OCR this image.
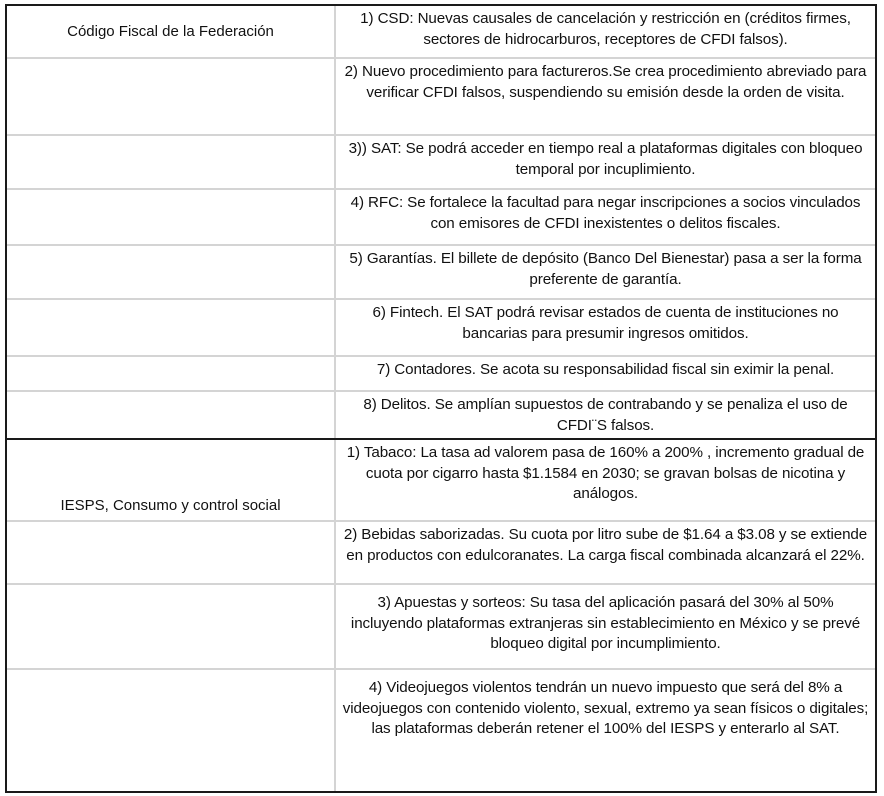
Código Fiscal de la Federación
1) CSD: Nuevas causales de cancelación y restricción en (créditos firmes, sectores de hidrocarburos, receptores de CFDI falsos).
2) Nuevo procedimiento para factureros.Se crea procedimiento abreviado para verificar CFDI falsos, suspendiendo su emisión desde la orden de visita.
3)) SAT: Se podrá acceder en tiempo real a plataformas digitales con bloqueo temporal por incuplimiento.
4) RFC: Se fortalece la facultad para negar inscripciones a socios vinculados con emisores de CFDI inexistentes o delitos fiscales.
5) Garantías. El billete de depósito (Banco Del Bienestar) pasa a ser la forma preferente de garantía.
6) Fintech. El SAT podrá revisar estados de cuenta de instituciones no bancarias para presumir ingresos omitidos.
7) Contadores. Se acota su responsabilidad fiscal sin eximir la penal.
8) Delitos. Se amplían supuestos de contrabando y se penaliza el uso de CFDI¨S falsos.
IESPS, Consumo y control social
1) Tabaco: La tasa ad valorem pasa de 160% a 200% , incremento gradual de cuota por cigarro hasta $1.1584 en 2030; se gravan bolsas de nicotina y análogos.
2) Bebidas saborizadas. Su cuota por litro sube de $1.64 a $3.08 y se extiende en productos con edulcoranates. La carga fiscal combinada alcanzará el 22%.
3) Apuestas y sorteos: Su tasa del aplicación pasará del 30% al 50% incluyendo plataformas extranjeras sin establecimiento en México y se prevé bloqueo digital por incumplimiento.
4) Videojuegos violentos tendrán un nuevo impuesto que será del 8% a videojuegos con contenido violento, sexual, extremo ya sean físicos o digitales; las plataformas deberán retener el 100% del IESPS y enterarlo al SAT.
